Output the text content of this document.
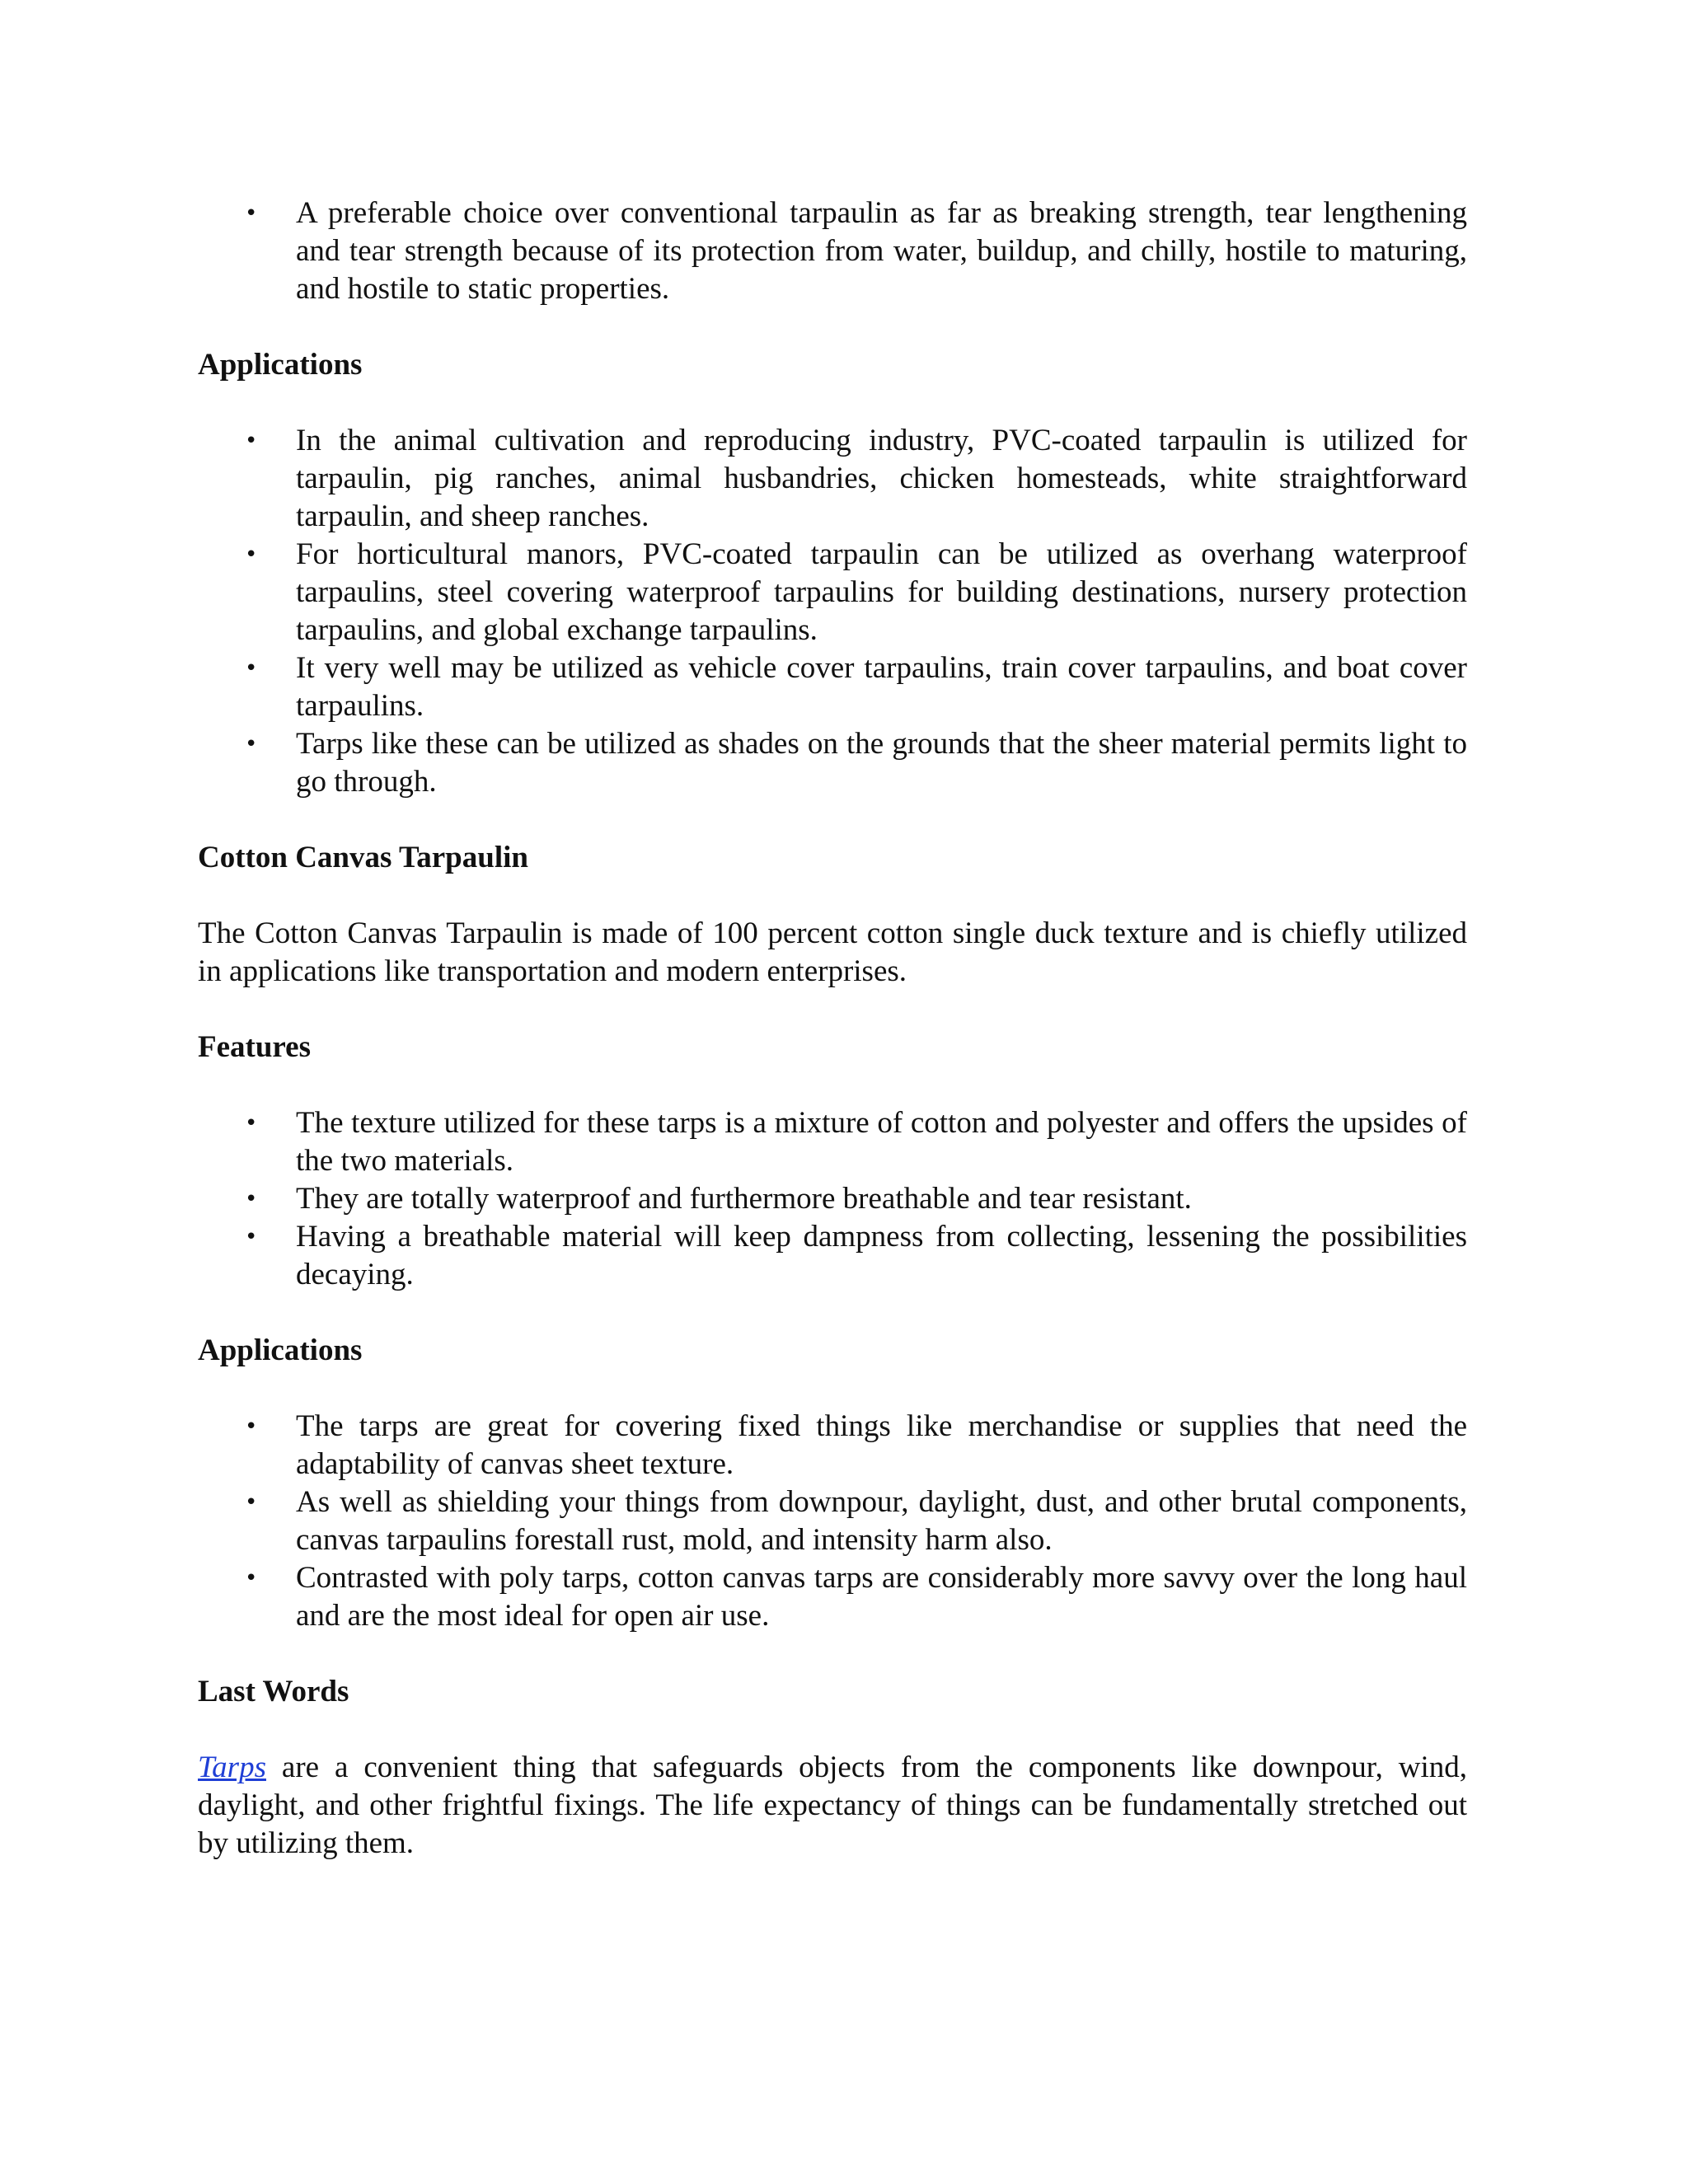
• A preferable choice over conventional tarpaulin as far as breaking strength, tear lengthening and tear strength because of its protection from water, buildup, and chilly, hostile to maturing, and hostile to static properties.
Applications
• In the animal cultivation and reproducing industry, PVC-coated tarpaulin is utilized for tarpaulin, pig ranches, animal husbandries, chicken homesteads, white straightforward tarpaulin, and sheep ranches.
• For horticultural manors, PVC-coated tarpaulin can be utilized as overhang waterproof tarpaulins, steel covering waterproof tarpaulins for building destinations, nursery protection tarpaulins, and global exchange tarpaulins.
• It very well may be utilized as vehicle cover tarpaulins, train cover tarpaulins, and boat cover tarpaulins.
• Tarps like these can be utilized as shades on the grounds that the sheer material permits light to go through.
Cotton Canvas Tarpaulin

The Cotton Canvas Tarpaulin is made of 100 percent cotton single duck texture and is chiefly utilized in applications like transportation and modern enterprises.

Features
• The texture utilized for these tarps is a mixture of cotton and polyester and offers the upsides of the two materials.
• They are totally waterproof and furthermore breathable and tear resistant.
• Having a breathable material will keep dampness from collecting, lessening the possibilities decaying.
Applications
• The tarps are great for covering fixed things like merchandise or supplies that need the adaptability of canvas sheet texture.
• As well as shielding your things from downpour, daylight, dust, and other brutal components, canvas tarpaulins forestall rust, mold, and intensity harm also.
• Contrasted with poly tarps, cotton canvas tarps are considerably more savvy over the long haul and are the most ideal for open air use.
Last Words

Tarps are a convenient thing that safeguards objects from the components like downpour, wind, daylight, and other frightful fixings. The life expectancy of things can be fundamentally stretched out by utilizing them.
